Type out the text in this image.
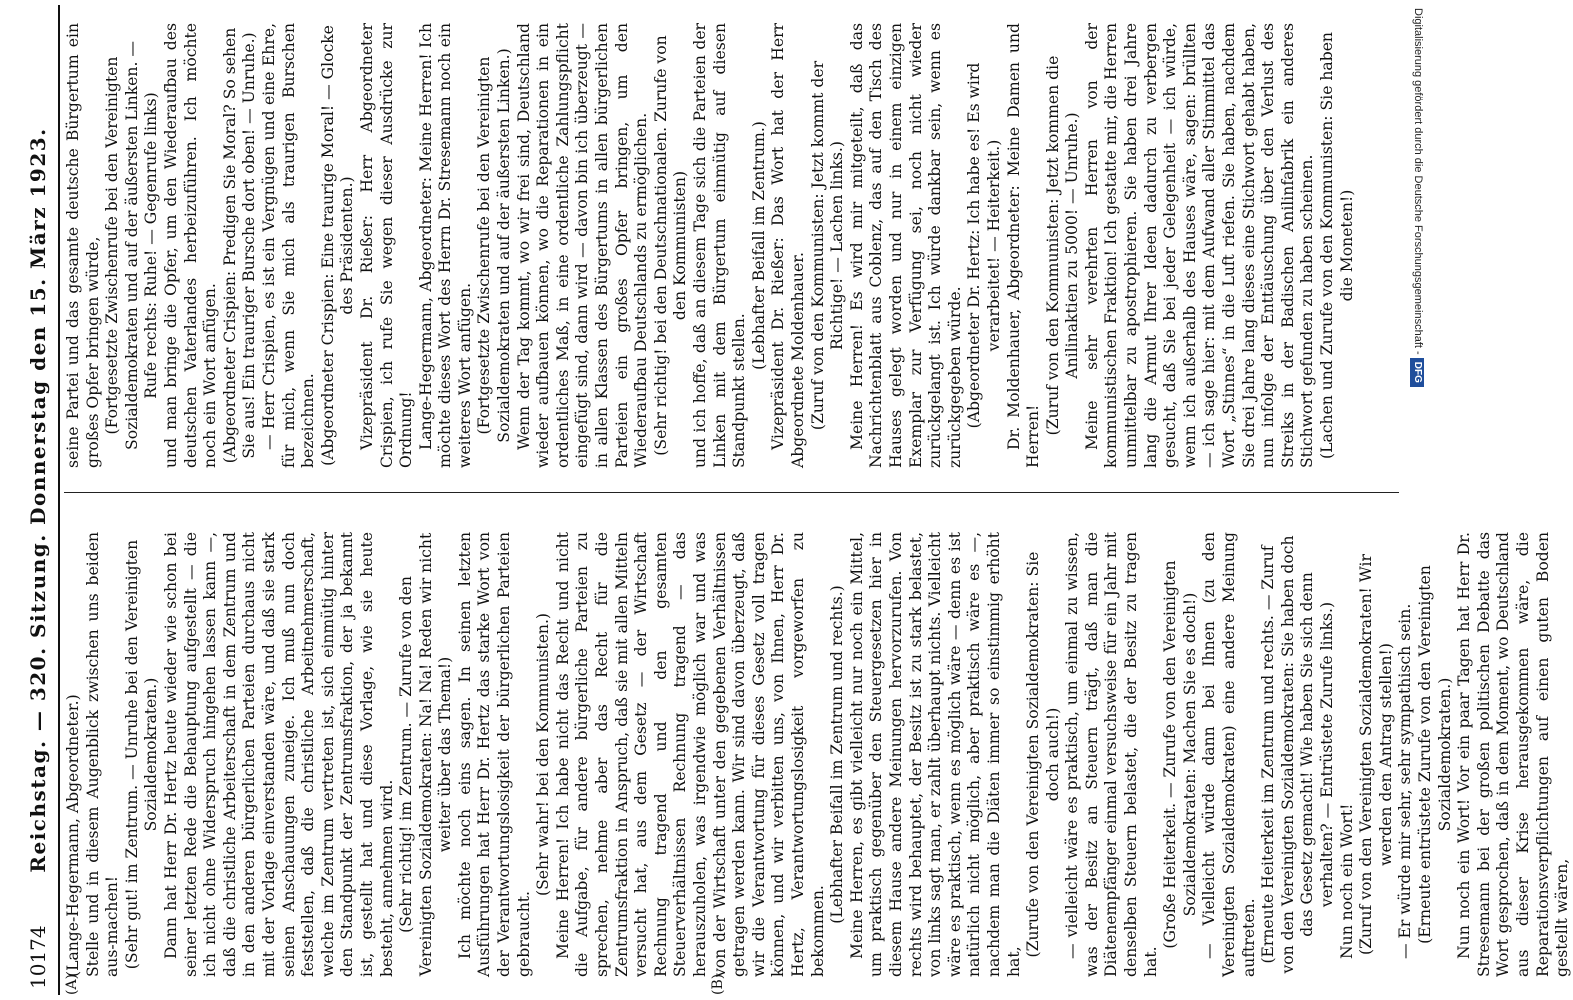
10174
Reichstag. — 320. Sitzung. Donnerstag den 15. März 1923.
(A)	(B)

(Lange-Hegermann, Abgeordneter.) Stelle und in diesem Augenblick zwischen uns beiden aus-machen! (Sehr gut! im Zentrum. — Unruhe bei den Vereinigten Sozialdemokraten.) Dann hat Herr Dr. Hertz heute wieder wie schon bei seiner letzten Rede die Behauptung aufgestellt — die ich nicht ohne Widerspruch hingehen lassen kann —, daß die christliche Arbeiterschaft in dem Zentrum und in den anderen bürgerlichen Parteien durchaus nicht mit der Vorlage einverstanden wäre, und daß sie stark seinen Anschauungen zuneige. Ich muß nun doch feststellen, daß die christliche Arbeitnehmerschaft, welche im Zentrum vertreten ist, sich einmütig hinter den Standpunkt der Zentrumsfraktion, der ja bekannt ist, gestellt hat und diese Vorlage, wie sie heute besteht, annehmen wird. (Sehr richtig! im Zentrum. — Zurufe von den Vereinigten Sozialdemokraten: Na! Na! Reden wir nicht weiter über das Thema!) Ich möchte noch eins sagen. In seinen letzten Ausführungen hat Herr Dr. Hertz das starke Wort von der Verantwortungslosigkeit der bürgerlichen Parteien gebraucht.

(Sehr wahr! bei den Kommunisten.) Meine Herren! Ich habe nicht das Recht und nicht die Aufgabe, für andere bürgerliche Parteien zu sprechen, nehme aber das Recht für die Zentrumsfraktion in Anspruch, daß sie mit allen Mitteln versucht hat, aus dem Gesetz — der Wirtschaft Rechnung tragend und den gesamten Steuerverhältnissen Rechnung tragend — das herauszuholen, was irgendwie möglich war und was von der Wirtschaft unter den gegebenen Verhältnissen getragen werden kann. Wir sind davon überzeugt, daß wir die Verantwortung für dieses Gesetz voll tragen können, und wir verbitten uns, von Ihnen, Herr Dr. Hertz, Verantwortungslosigkeit vorgeworfen zu bekommen.

(Lebhafter Beifall im Zentrum und rechts.) Meine Herren, es gibt vielleicht nur noch ein Mittel, um praktisch gegenüber den Steuergesetzen hier in diesem Hause andere Meinungen hervorzurufen. Von rechts wird behauptet, der Besitz ist zu stark belastet, von links sagt man, er zahlt überhaupt nichts. Vielleicht wäre es praktisch, wenn es möglich wäre — denn es ist natürlich nicht möglich, aber praktisch wäre es —, nachdem man die Diäten immer so einstimmig erhöht hat,

(Zurufe von den Vereinigten Sozialdemokraten: Sie doch auch!) — vielleicht wäre es praktisch, um einmal zu wissen, was der Besitz an Steuern trägt, daß man die Diätenempfänger einmal versuchsweise für ein Jahr mit denselben Steuern belastet, die der Besitz zu tragen hat.

(Große Heiterkeit. — Zurufe von den Vereinigten Sozialdemokraten: Machen Sie es doch!) — Vielleicht würde dann bei Ihnen (zu den Vereinigten Sozialdemokraten) eine andere Meinung auftreten. (Erneute Heiterkeit im Zentrum und rechts. — Zuruf von den Vereinigten Sozialdemokraten: Sie haben doch das Gesetz gemacht! Wie haben Sie sich denn verhalten? — Entrüstete Zurufe links.) Nun noch ein Wort! (Zuruf von den Vereinigten Sozialdemokraten! Wir werden den Antrag stellen!) — Er würde mir sehr, sehr sympathisch sein. (Erneute entrüstete Zurufe von den Vereinigten Sozialdemokraten.) Nun noch ein Wort! Vor ein paar Tagen hat Herr Dr. Stresemann bei der großen politischen Debatte das Wort gesprochen, daß in dem Moment, wo Deutschland aus dieser Krise herausgekommen wäre, die Reparationsverpflichtungen auf einen guten Boden gestellt wären,

seine Partei und das gesamte deutsche Bürgertum ein großes Opfer bringen würde, (Fortgesetzte Zwischenrufe bei den Vereinigten Sozialdemokraten und auf der äußersten Linken. — Rufe rechts: Ruhe! — Gegenrufe links) und man bringe die Opfer, um den Wiederaufbau des deutschen Vaterlandes herbeizuführen. Ich möchte noch ein Wort anfügen. (Abgeordneter Crispien: Predigen Sie Moral? So sehen Sie aus! Ein trauriger Bursche dort oben! — Unruhe.) — Herr Crispien, es ist ein Vergnügen und eine Ehre, für mich, wenn Sie mich als traurigen Burschen bezeichnen. (Abgeordneter Crispien: Eine traurige Moral! — Glocke des Präsidenten.) Vizepräsident Dr. Rießer: Herr Abgeordneter Crispien, ich rufe Sie wegen dieser Ausdrücke zur Ordnung! Lange-Hegermann, Abgeordneter: Meine Herren! Ich möchte dieses Wort des Herrn Dr. Stresemann noch ein weiteres Wort anfügen. (Fortgesetzte Zwischenrufe bei den Vereinigten Sozialdemokraten und auf der äußersten Linken.) Wenn der Tag kommt, wo wir frei sind, Deutschland wieder aufbauen können, wo die Reparationen in ein ordentliches Maß, in eine ordentliche Zahlungspflicht eingefügt sind, dann wird — davon bin ich überzeugt — in allen Klassen des Bürgertums in allen bürgerlichen Parteien ein großes Opfer bringen, um den Wiederaufbau Deutschlands zu ermöglichen. (Sehr richtig! bei den Deutschnationalen. Zurufe von den Kommunisten) und ich hoffe, daß an diesem Tage sich die Parteien der Linken mit dem Bürgertum einmütig auf diesen Standpunkt stellen.

(Lebhafter Beifall im Zentrum.) Vizepräsident Dr. Rießer: Das Wort hat der Herr Abgeordnete Moldenhauer. (Zuruf von den Kommunisten: Jetzt kommt der Richtige! — Lachen links.) Meine Herren! Es wird mir mitgeteilt, daß das Nachrichtenblatt aus Coblenz, das auf den Tisch des Hauses gelegt worden und nur in einem einzigen Exemplar zur Verfügung sei, noch nicht wieder zurückgelangt ist. Ich würde dankbar sein, wenn es zurückgegeben würde. (Abgeordneter Dr. Hertz: Ich habe es! Es wird verarbeitet! — Heiterkeit.) Dr. Moldenhauer, Abgeordneter: Meine Damen und Herren!

(Zuruf von den Kommunisten: Jetzt kommen die Anilinaktien zu 5000! — Unruhe.) Meine sehr verehrten Herren von der kommunistischen Fraktion! Ich gestatte mir, die Herren unmittelbar zu apostrophieren. Sie haben drei Jahre lang die Armut Ihrer Ideen dadurch zu verbergen gesucht, daß Sie bei jeder Gelegenheit — ich würde, wenn ich außerhalb des Hauses wäre, sagen: brüllten — ich sage hier: mit dem Aufwand aller Stimmittel das Wort „Stinnes“ in die Luft riefen. Sie haben, nachdem Sie drei Jahre lang dieses eine Stichwort gehabt haben, nun infolge der Enttäuschung über den Verlust des Streiks in der Badischen Anilinfabrik ein anderes Stichwort gefunden zu haben scheinen. (Lachen und Zurufe von den Kommunisten: Sie haben die Moneten!)	Digitalisierung gefördert durch die Deutsche Forschungsgemeinschaft - DFG
